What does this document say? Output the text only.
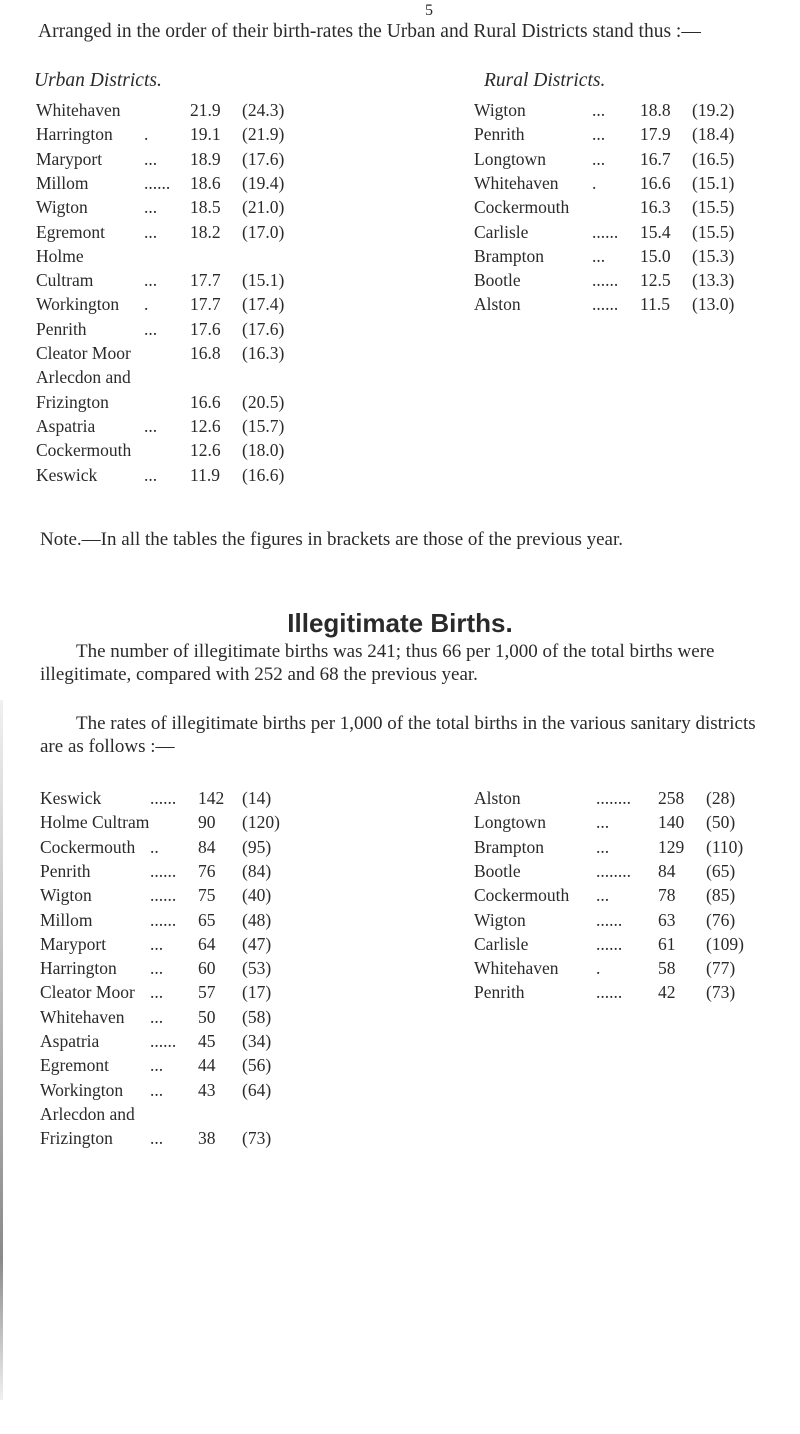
5
Arranged in the order of their birth-rates the Urban and Rural Districts stand thus :—
Urban Districts.	Rural Districts.
Whitehaven	21.9 (24.3)
Harrington . 19.1 (21.9)
Maryport ... 18.9 (17.6)
Millom	...... 18.6 (19.4)
Wigton	... 18.5 (21.0)
Egremont ... 18.2 (17.0)
Holme
Cultram	... 17.7 (15.1)
Workington . 17.7 (17.4)
Penrith	... 17.6 (17.6)
Cleator Moor	16.8 (16.3)
Arlecdon and
Frizington	16.6 (20.5)
Aspatria	... 12.6 (15.7)
Cockermouth	12.6 (18.0)
Keswick	... 11.9 (16.6)
Wigton	... 18.8 (19.2)
Penrith	... 17.9 (18.4)
Longtown	... 16.7 (16.5)
Whitehaven . 16.6 (15.1)
Cockermouth	16.3 (15.5)
Carlisle	...... 15.4 (15.5)
Brampton	... 15.0 (15.3)
Bootle	...... 12.5 (13.3)
Alston	...... 11.5 (13.0)
Note.—In all the tables the figures in brackets are those of the previous year.
Illegitimate Births.
The number of illegitimate births was 241; thus 66 per 1,000 of the total births were illegitimate, compared with 252 and 68 the previous year.
The rates of illegitimate births per 1,000 of the total births in the various sanitary districts are as follows :—
Keswick	...... 142 (14)
Holme Cultram	90 (120)
Cockermouth .. 84 (95)
Penrith	...... 76 (84)
Wigton	...... 75 (40)
Millom	...... 65 (48)
Maryport	... 64 (47)
Harrington ... 60 (53)
Cleator Moor ... 57 (17)
Whitehaven ... 50 (58)
Aspatria	...... 45 (34)
Egremont ... 44 (56)
Workington ... 43 (64)
Arlecdon and
Frizington ... 38 (73)
Alston	........ 258 (28)
Longtown	...	140 (50)
Brampton	...	129 (110)
Bootle	........ 84 (65)
Cockermouth ...	78 (85)
Wigton	...... 63 (76)
Carlisle	...... 61 (109)
Whitehaven .	58 (77)
Penrith	...... 42 (73)
